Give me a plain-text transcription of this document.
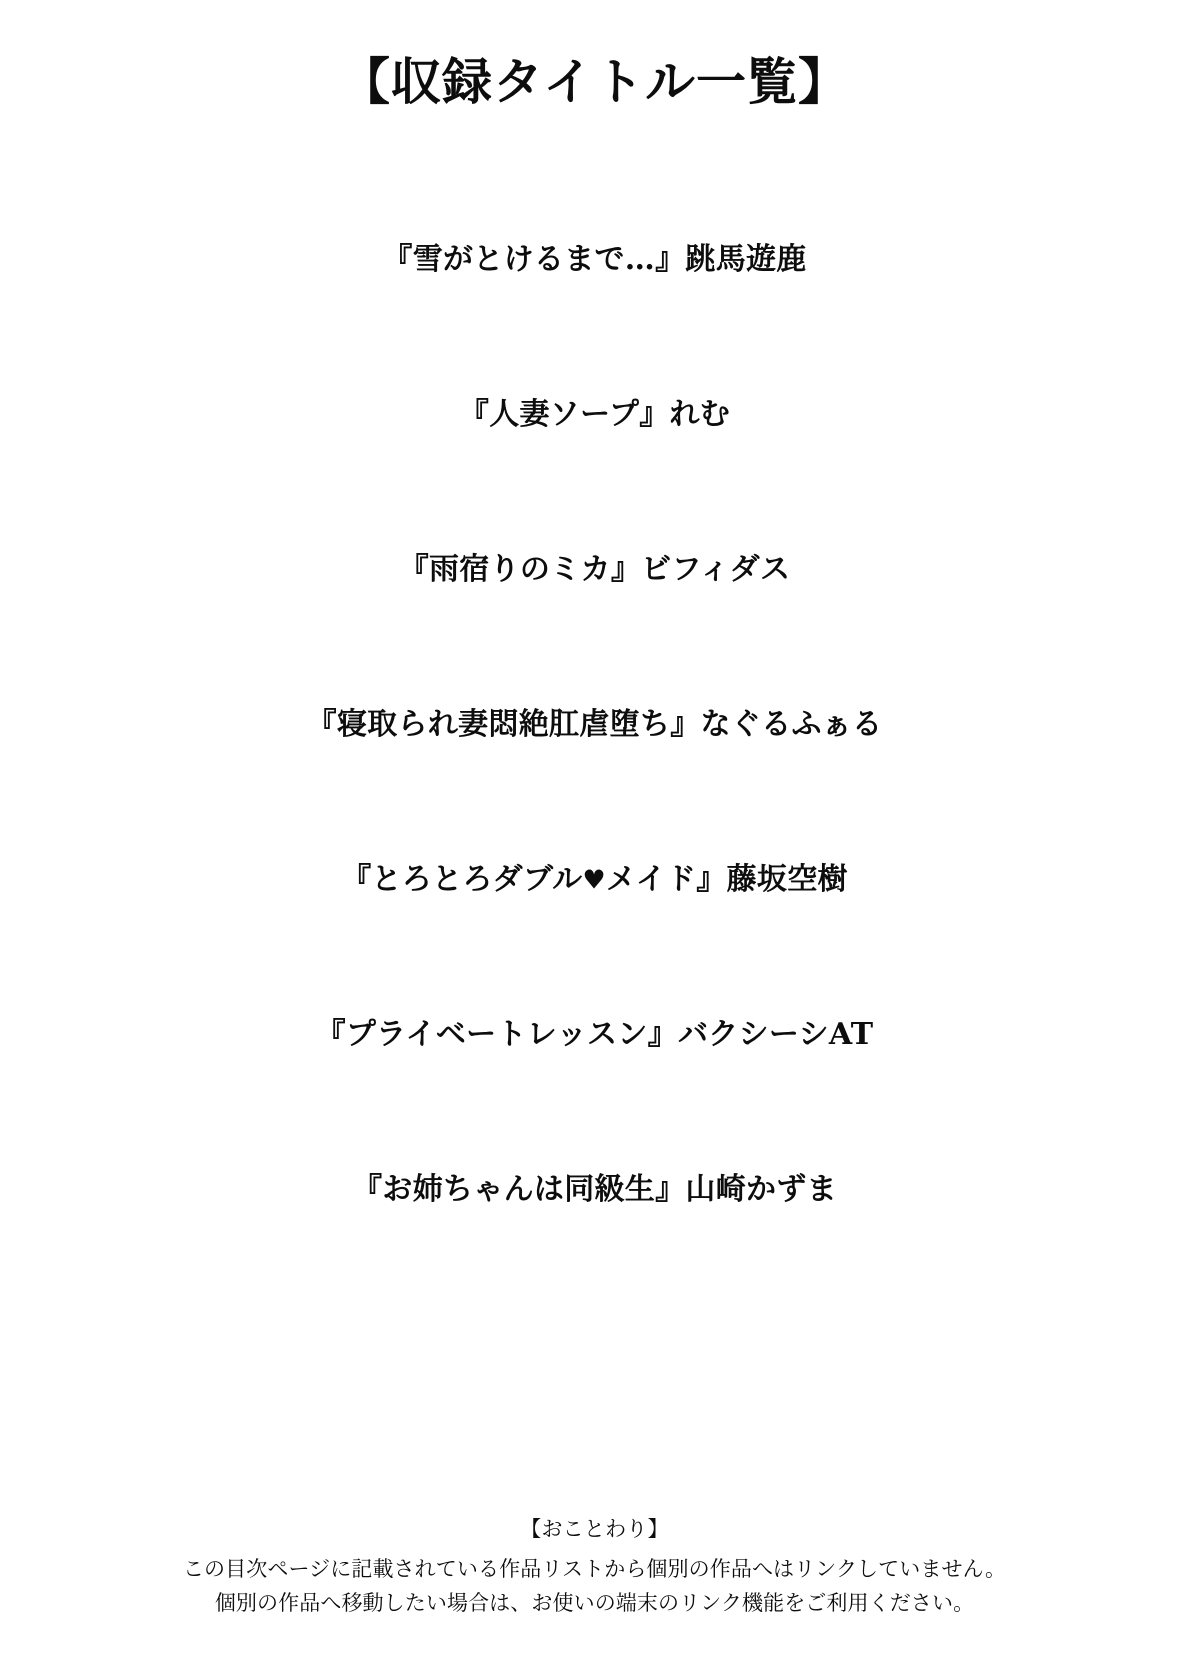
【収録タイトル一覧】
『雪がとけるまで…』跳馬遊鹿
『人妻ソープ』れむ
『雨宿りのミカ』ビフィダス
『寝取られ妻悶絶肛虐堕ち』なぐるふぁる
『とろとろダブル♥メイド』藤坂空樹
『プライベートレッスン』バクシーシAT
『お姉ちゃんは同級生』山崎かずま
【おことわり】
この目次ページに記載されている作品リストから個別の作品へはリンクしていません。
個別の作品へ移動したい場合は、お使いの端末のリンク機能をご利用ください。
